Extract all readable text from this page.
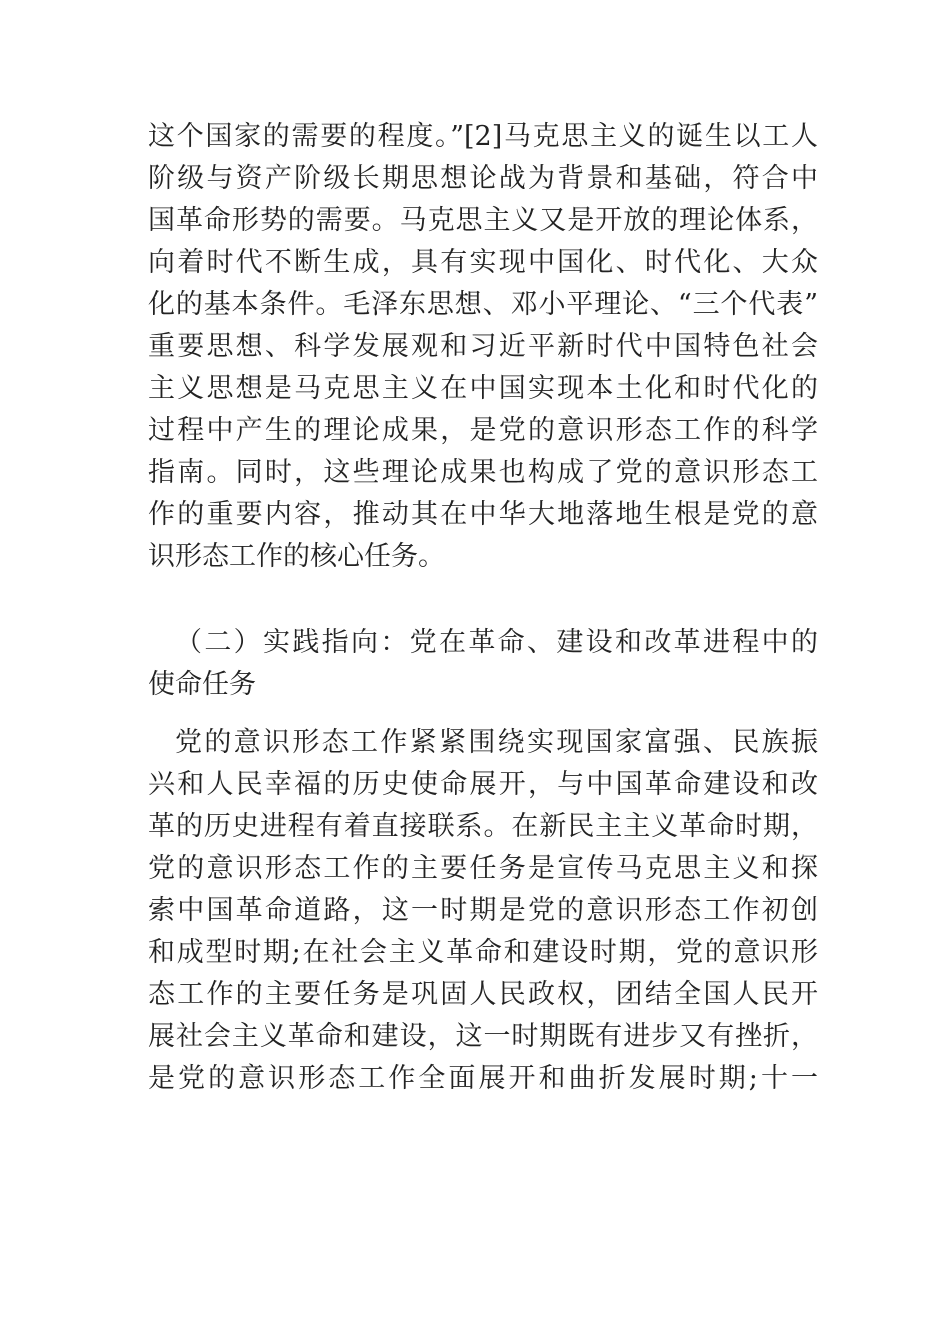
这个国家的需要的程度。”[2]马克思主义的诞生以工人
阶级与资产阶级长期思想论战为背景和基础，符合中
国革命形势的需要。马克思主义又是开放的理论体系，
向着时代不断生成，具有实现中国化、时代化、大众
化的基本条件。毛泽东思想、邓小平理论、“三个代表”
重要思想、科学发展观和习近平新时代中国特色社会
主义思想是马克思主义在中国实现本土化和时代化的
过程中产生的理论成果，是党的意识形态工作的科学
指南。同时，这些理论成果也构成了党的意识形态工
作的重要内容，推动其在中华大地落地生根是党的意
识形态工作的核心任务。
（二）实践指向：党在革命、建设和改革进程中的
使命任务
党的意识形态工作紧紧围绕实现国家富强、民族振
兴和人民幸福的历史使命展开，与中国革命建设和改
革的历史进程有着直接联系。在新民主主义革命时期，
党的意识形态工作的主要任务是宣传马克思主义和探
索中国革命道路，这一时期是党的意识形态工作初创
和成型时期;在社会主义革命和建设时期，党的意识形
态工作的主要任务是巩固人民政权，团结全国人民开
展社会主义革命和建设，这一时期既有进步又有挫折，
是党的意识形态工作全面展开和曲折发展时期;十一
